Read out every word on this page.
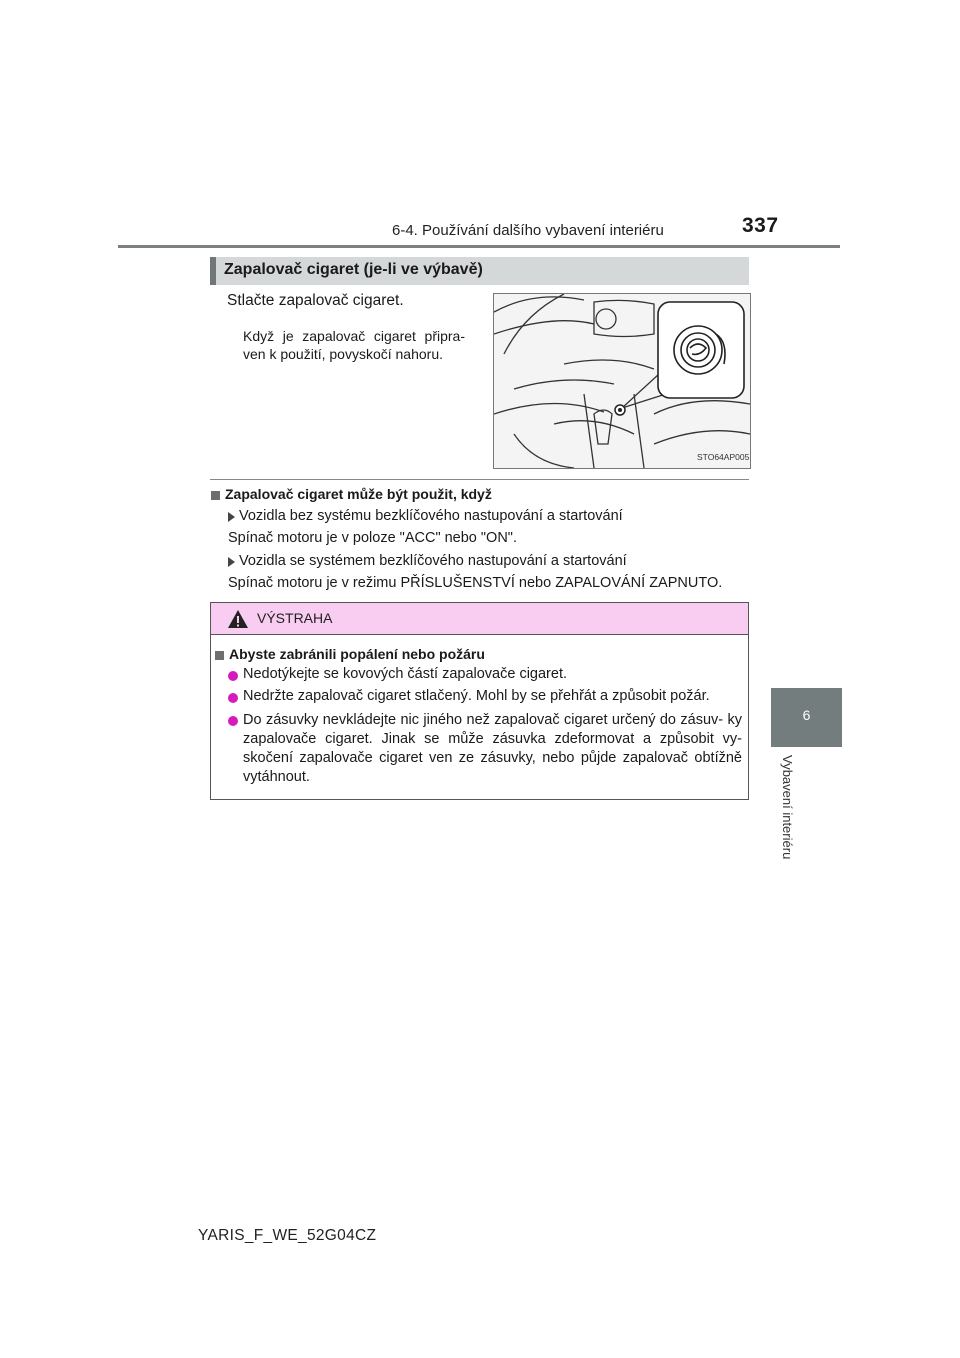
6-4. Používání dalšího vybavení interiéru	337
6
Vybavení interiéru
Zapalovač cigaret (je-li ve výbavě)
Stlačte zapalovač cigaret.
Když je zapalovač cigaret připra- ven k použití, povyskočí nahoru.
STO64AP005
Zapalovač cigaret může být použit, když
Vozidla bez systému bezklíčového nastupování a startování
Spínač motoru je v poloze "ACC" nebo "ON".
Vozidla se systémem bezklíčového nastupování a startování
Spínač motoru je v režimu PŘÍSLUŠENSTVÍ nebo ZAPALOVÁNÍ ZAPNUTO.
VÝSTRAHA
Abyste zabránili popálení nebo požáru
Nedotýkejte se kovových částí zapalovače cigaret.
Nedržte zapalovač cigaret stlačený. Mohl by se přehřát a způsobit požár.
Do zásuvky nevkládejte nic jiného než zapalovač cigaret určený do zásuv- ky zapalovače cigaret. Jinak se může zásuvka zdeformovat a způsobit vy- skočení zapalovače cigaret ven ze zásuvky, nebo půjde zapalovač obtížně vytáhnout.
YARIS_F_WE_52G04CZ
